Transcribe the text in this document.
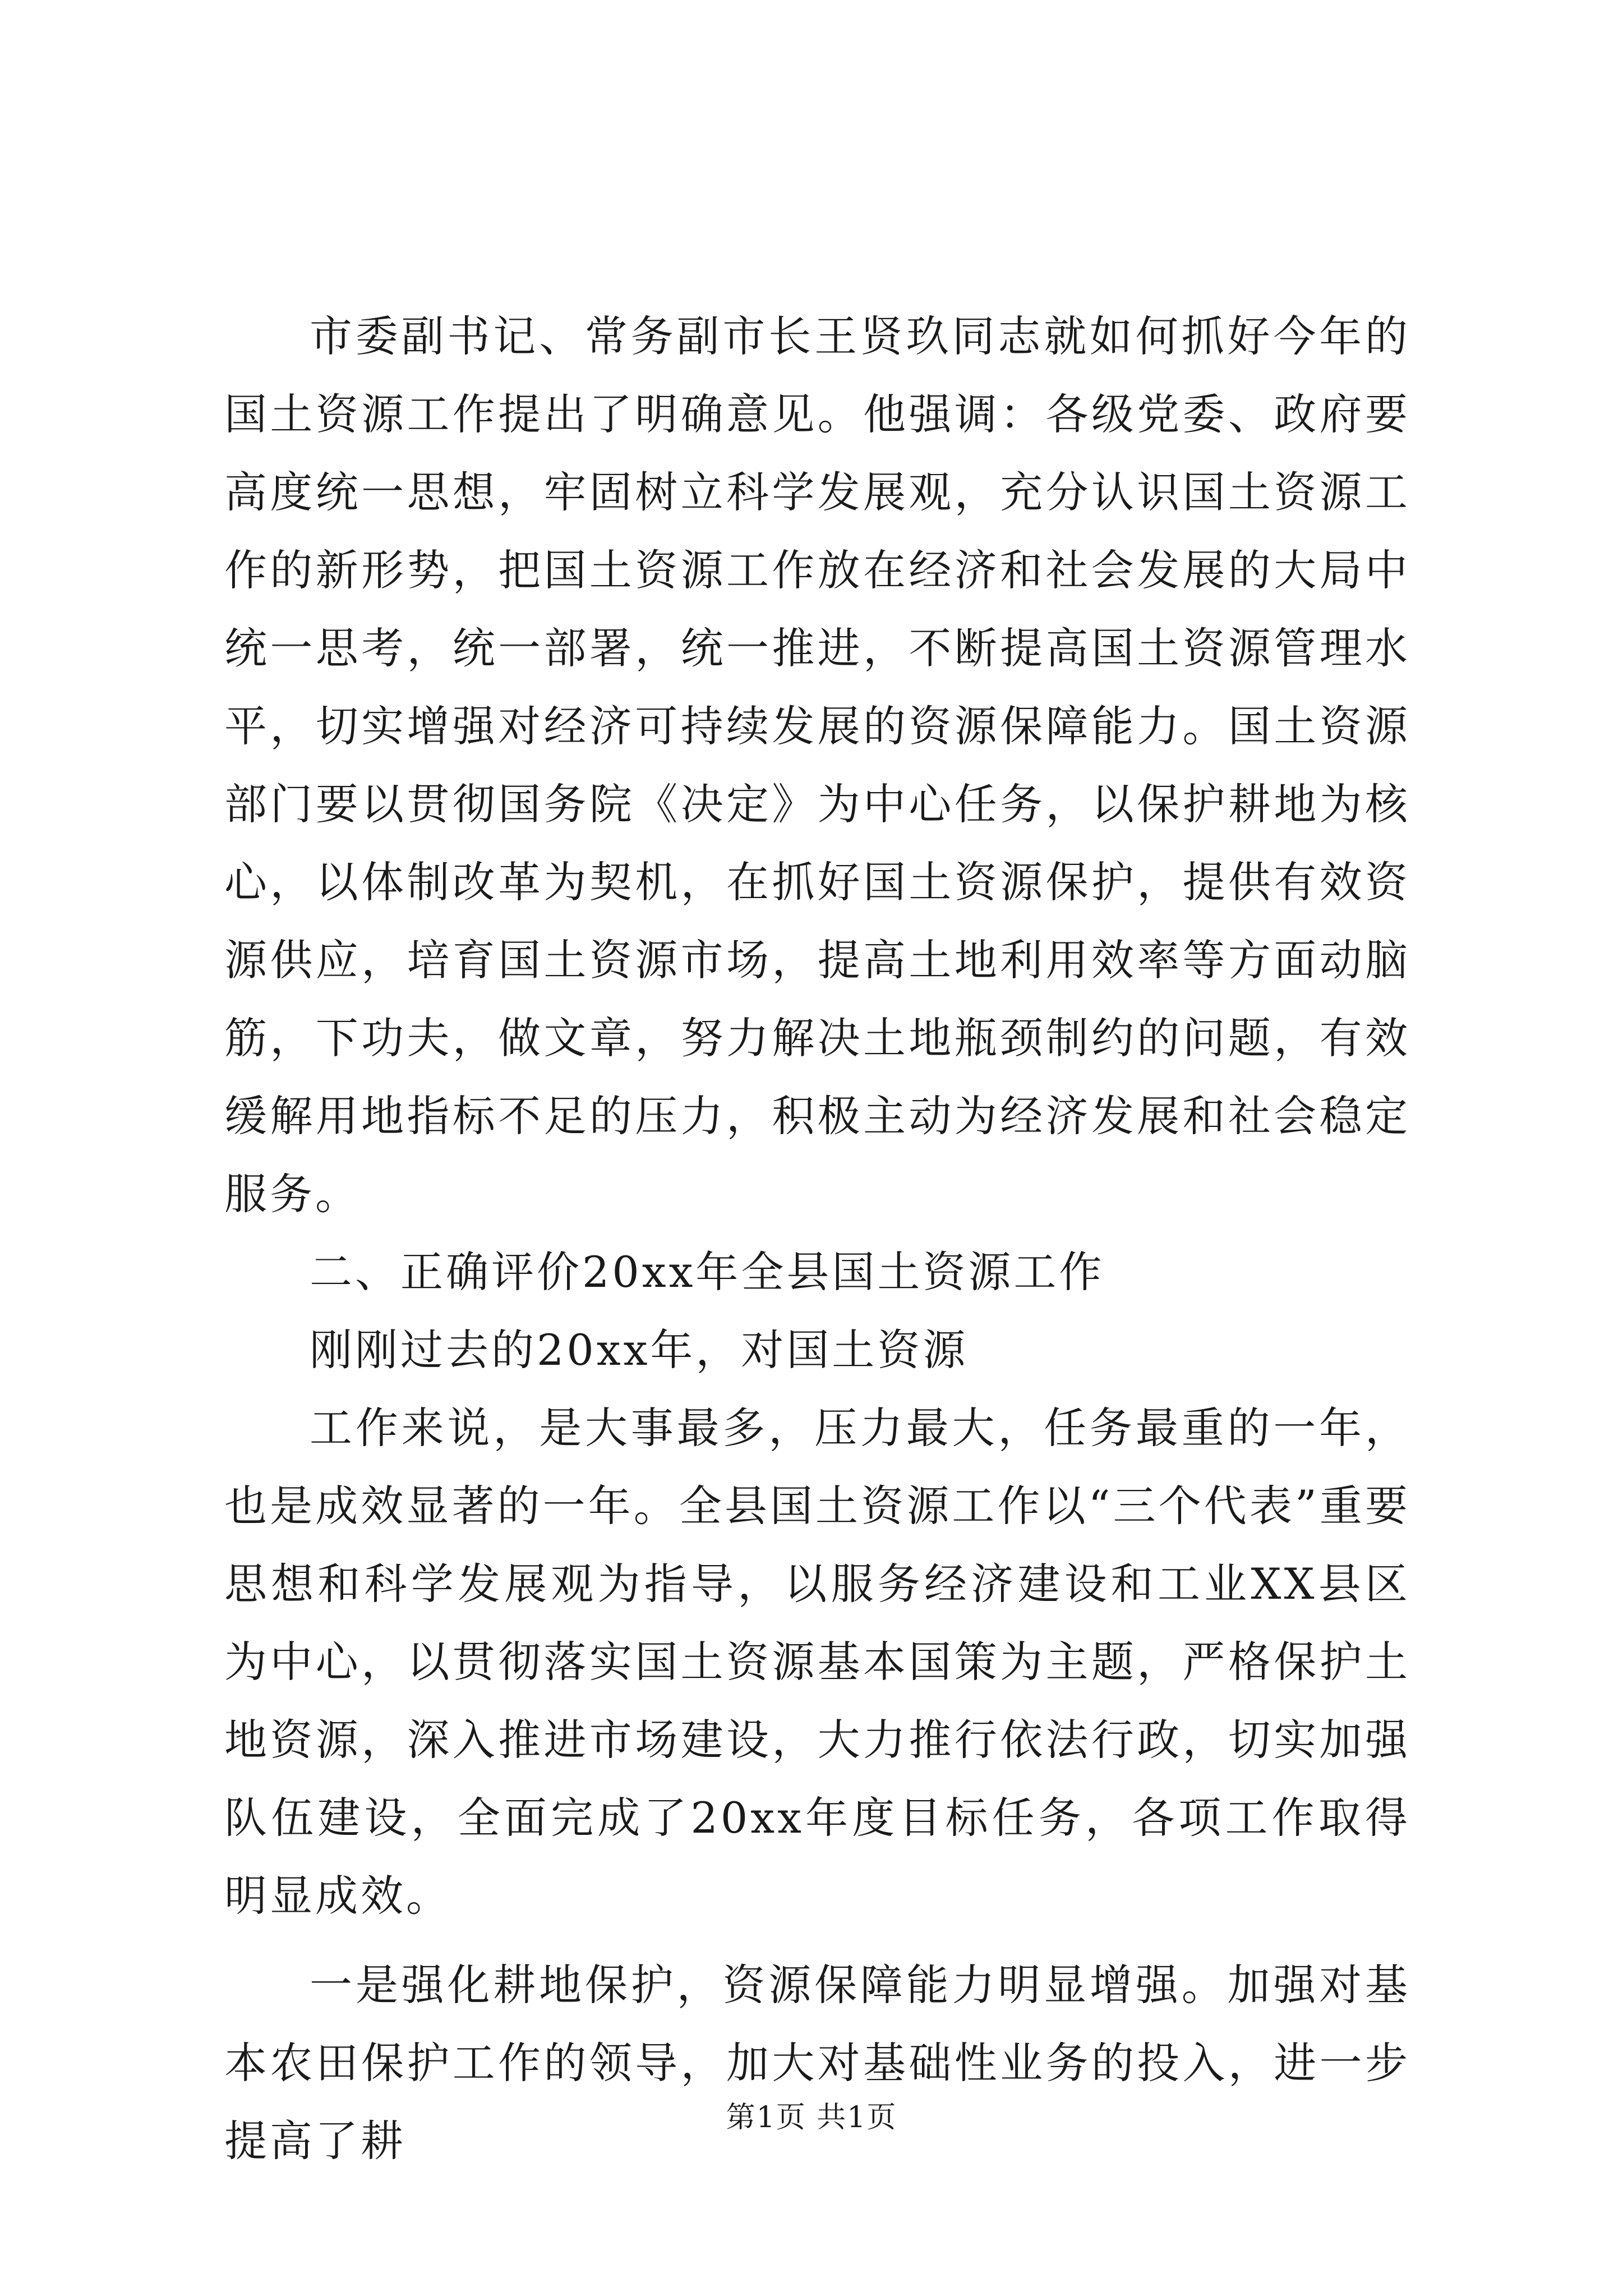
市委副书记、常务副市长王贤玖同志就如何抓好今年的国土资源工作提出了明确意见。他强调：各级党委、政府要高度统一思想，牢固树立科学发展观，充分认识国土资源工作的新形势，把国土资源工作放在经济和社会发展的大局中统一思考，统一部署，统一推进，不断提高国土资源管理水平，切实增强对经济可持续发展的资源保障能力。国土资源部门要以贯彻国务院《决定》为中心任务，以保护耕地为核心，以体制改革为契机，在抓好国土资源保护，提供有效资源供应，培育国土资源市场，提高土地利用效率等方面动脑筋，下功夫，做文章，努力解决土地瓶颈制约的问题，有效缓解用地指标不足的压力，积极主动为经济发展和社会稳定服务。

二、正确评价20xx年全县国土资源工作

刚刚过去的20xx年，对国土资源

工作来说，是大事最多，压力最大，任务最重的一年，也是成效显著的一年。全县国土资源工作以“三个代表”重要思想和科学发展观为指导，以服务经济建设和工业XX县区为中心，以贯彻落实国土资源基本国策为主题，严格保护土地资源，深入推进市场建设，大力推行依法行政，切实加强队伍建设，全面完成了20xx年度目标任务，各项工作取得明显成效。

一是强化耕地保护，资源保障能力明显增强。加强对基本农田保护工作的领导，加大对基础性业务的投入，进一步提高了耕	第1页 共1页
